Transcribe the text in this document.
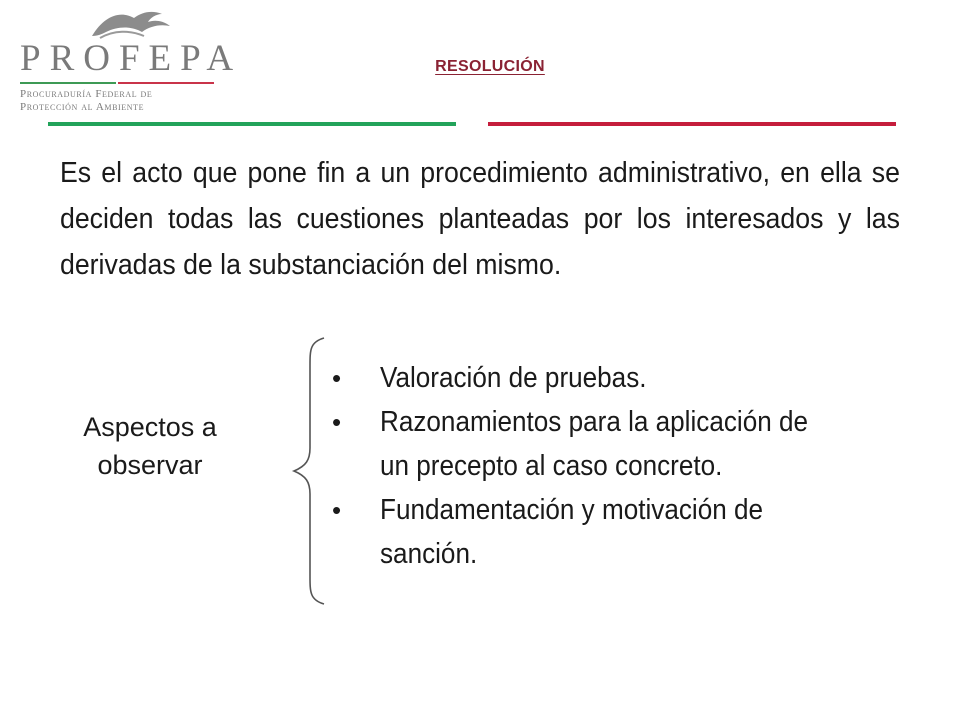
PROFEPA
Procuraduría Federal de
Protección al Ambiente
RESOLUCIÓN
Es el acto que pone fin a un procedimiento administrativo, en ella se deciden todas las cuestiones planteadas por los interesados y las derivadas de la substanciación del mismo.
Aspectos a observar
• Valoración de pruebas.
• Razonamientos para la aplicación de un precepto al caso concreto.
• Fundamentación y motivación de sanción.
